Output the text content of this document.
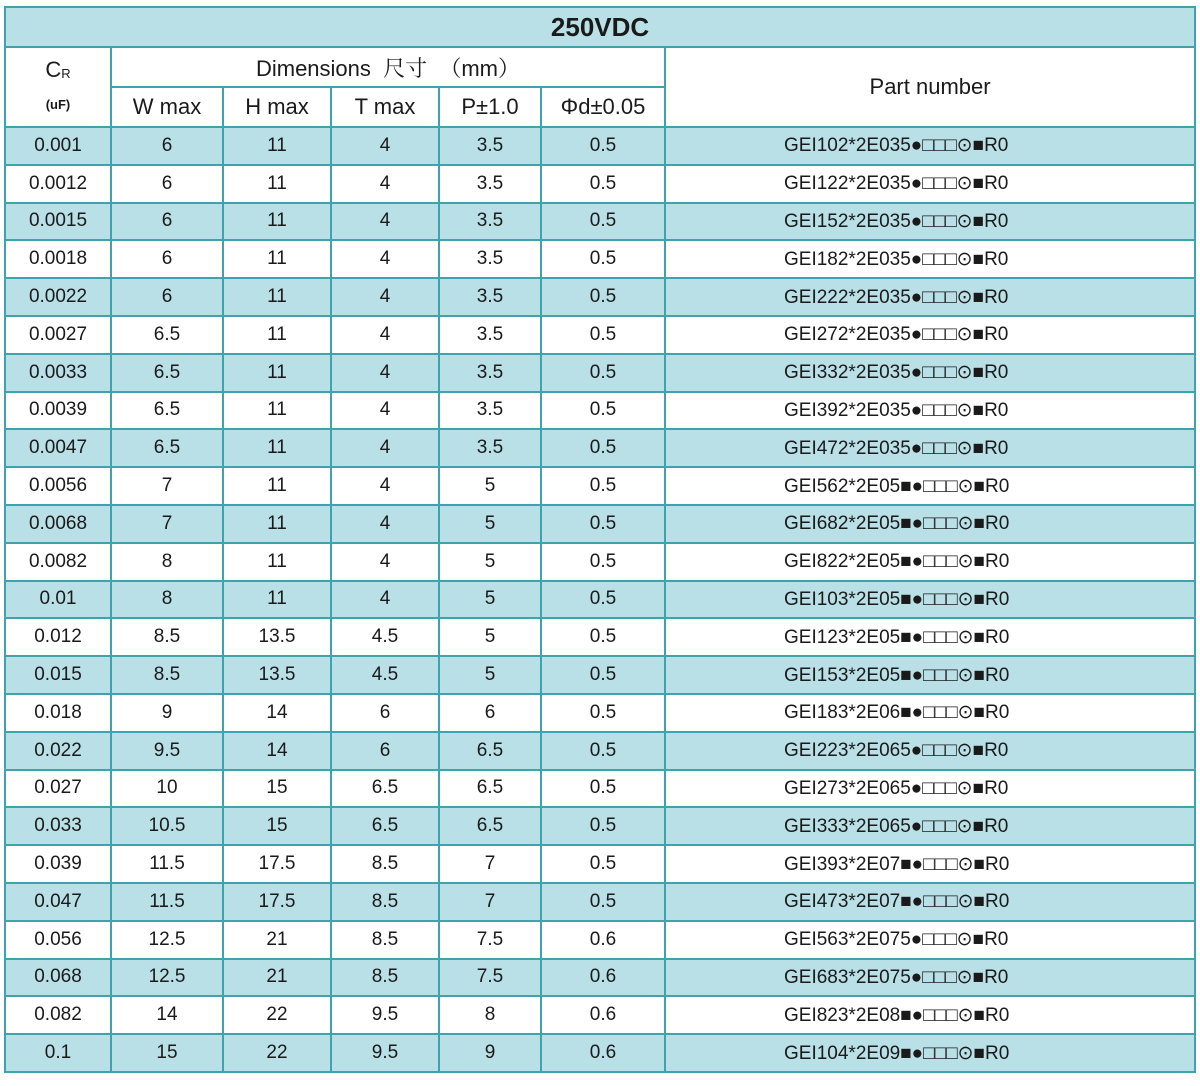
250VDC						
$C_R$
(uF)	Dimensions  尺寸  （mm）					Part number
	W max	H max	T max	P±1.0	Φd±0.05	
0.001	6	11	4	3.5	0.5	GEI102*2E035●□□□⊙■R0
0.0012	6	11	4	3.5	0.5	GEI122*2E035●□□□⊙■R0
0.0015	6	11	4	3.5	0.5	GEI152*2E035●□□□⊙■R0
0.0018	6	11	4	3.5	0.5	GEI182*2E035●□□□⊙■R0
0.0022	6	11	4	3.5	0.5	GEI222*2E035●□□□⊙■R0
0.0027	6.5	11	4	3.5	0.5	GEI272*2E035●□□□⊙■R0
0.0033	6.5	11	4	3.5	0.5	GEI332*2E035●□□□⊙■R0
0.0039	6.5	11	4	3.5	0.5	GEI392*2E035●□□□⊙■R0
0.0047	6.5	11	4	3.5	0.5	GEI472*2E035●□□□⊙■R0
0.0056	7	11	4	5	0.5	GEI562*2E05■●□□□⊙■R0
0.0068	7	11	4	5	0.5	GEI682*2E05■●□□□⊙■R0
0.0082	8	11	4	5	0.5	GEI822*2E05■●□□□⊙■R0
0.01	8	11	4	5	0.5	GEI103*2E05■●□□□⊙■R0
0.012	8.5	13.5	4.5	5	0.5	GEI123*2E05■●□□□⊙■R0
0.015	8.5	13.5	4.5	5	0.5	GEI153*2E05■●□□□⊙■R0
0.018	9	14	6	6	0.5	GEI183*2E06■●□□□⊙■R0
0.022	9.5	14	6	6.5	0.5	GEI223*2E065●□□□⊙■R0
0.027	10	15	6.5	6.5	0.5	GEI273*2E065●□□□⊙■R0
0.033	10.5	15	6.5	6.5	0.5	GEI333*2E065●□□□⊙■R0
0.039	11.5	17.5	8.5	7	0.5	GEI393*2E07■●□□□⊙■R0
0.047	11.5	17.5	8.5	7	0.5	GEI473*2E07■●□□□⊙■R0
0.056	12.5	21	8.5	7.5	0.6	GEI563*2E075●□□□⊙■R0
0.068	12.5	21	8.5	7.5	0.6	GEI683*2E075●□□□⊙■R0
0.082	14	22	9.5	8	0.6	GEI823*2E08■●□□□⊙■R0
0.1	15	22	9.5	9	0.6	GEI104*2E09■●□□□⊙■R0
